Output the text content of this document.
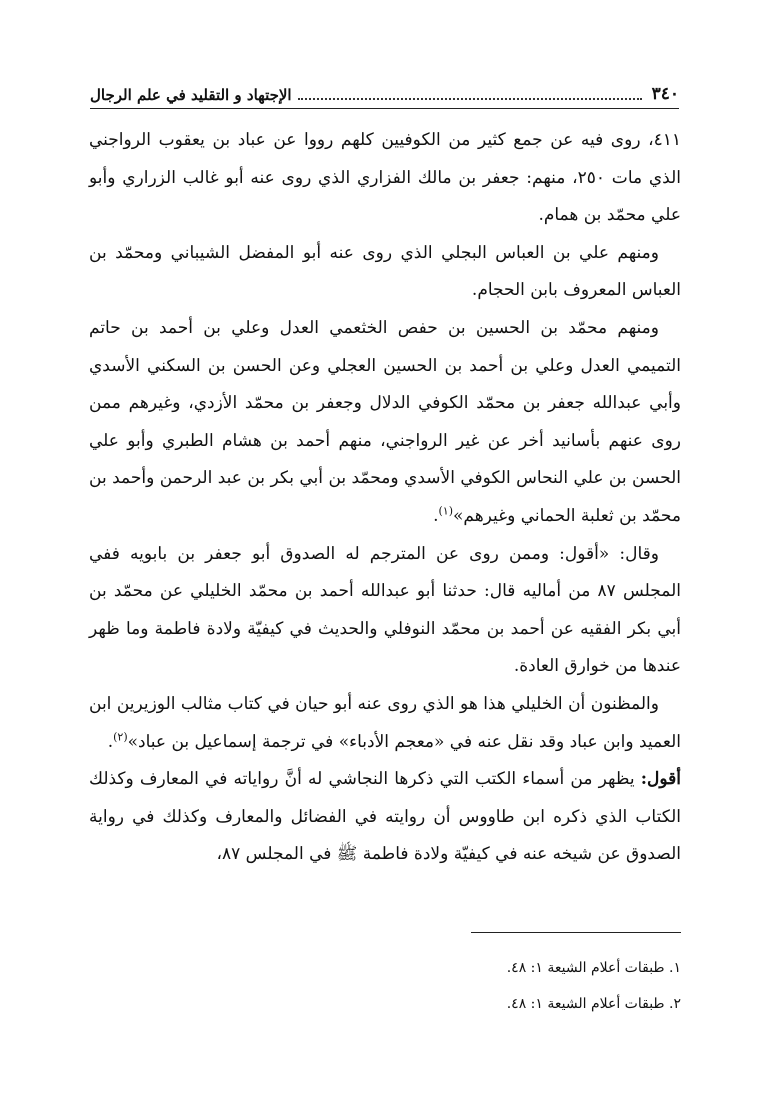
٣٤٠
الإجتهاد و التقليد في علم الرجال

٤١١، روى فيه عن جمع كثير من الكوفيين كلهم رووا عن عباد بن يعقوب الرواجني الذي مات ٢٥٠، منهم: جعفر بن مالك الفزاري الذي روى عنه أبو غالب الزراري وأبو علي محمّد بن همام.

ومنهم علي بن العباس البجلي الذي روى عنه أبو المفضل الشيباني ومحمّد بن العباس المعروف بابن الحجام.

ومنهم محمّد بن الحسين بن حفص الخثعمي العدل وعلي بن أحمد بن حاتم التميمي العدل وعلي بن أحمد بن الحسين العجلي وعن الحسن بن السكني الأسدي وأبي عبدالله جعفر بن محمّد الكوفي الدلال وجعفر بن محمّد الأزدي، وغيرهم ممن روى عنهم بأسانيد أخر عن غير الرواجني، منهم أحمد بن هشام الطبري وأبو علي الحسن بن علي النحاس الكوفي الأسدي ومحمّد بن أبي بكر بن عبد الرحمن وأحمد بن محمّد بن ثعلبة الحماني وغيرهم»$^{(١)}$.

وقال: «أقول: وممن روى عن المترجم له الصدوق أبو جعفر بن بابويه ففي المجلس ٨٧ من أماليه قال: حدثنا أبو عبدالله أحمد بن محمّد الخليلي عن محمّد بن أبي بكر الفقيه عن أحمد بن محمّد النوفلي والحديث في كيفيّة ولادة فاطمة وما ظهر عندها من خوارق العادة.

والمظنون أن الخليلي هذا هو الذي روى عنه أبو حيان في كتاب مثالب الوزيرين ابن العميد وابن عباد وقد نقل عنه في «معجم الأدباء» في ترجمة إسماعيل بن عباد»$^{(٢)}$.

أقول: يظهر من أسماء الكتب التي ذكرها النجاشي له أنَّ رواياته في المعارف وكذلك الكتاب الذي ذكره ابن طاووس أن روايته في الفضائل والمعارف وكذلك في رواية الصدوق عن شيخه عنه في كيفيّة ولادة فاطمة ﷺ في المجلس ٨٧،

١. طبقات أعلام الشيعة ١: ٤٨.

٢. طبقات أعلام الشيعة ١: ٤٨.
